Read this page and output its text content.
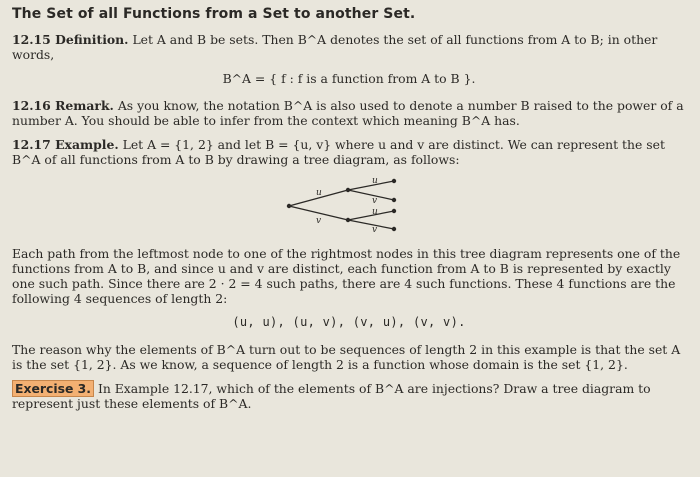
The Set of all Functions from a Set to another Set.

12.15 Definition. Let A and B be sets. Then B^A denotes the set of all functions from A to B; in other words,

B^A = { f : f is a function from A to B }.

12.16 Remark. As you know, the notation B^A is also used to denote a number B raised to the power of a number A. You should be able to infer from the context which meaning B^A has.

12.17 Example. Let A = {1, 2} and let B = {u, v} where u and v are distinct. We can represent the set B^A of all functions from A to B by drawing a tree diagram, as follows:

u
v
u
v
u
v

Each path from the leftmost node to one of the rightmost nodes in this tree diagram represents one of the functions from A to B, and since u and v are distinct, each function from A to B is represented by exactly one such path. Since there are 2 · 2 = 4 such paths, there are 4 such functions. These 4 functions are the following 4 sequences of length 2:

(u, u), (u, v), (v, u), (v, v).

The reason why the elements of B^A turn out to be sequences of length 2 in this example is that the set A is the set {1, 2}. As we know, a sequence of length 2 is a function whose domain is the set {1, 2}.

Exercise 3. In Example 12.17, which of the elements of B^A are injections? Draw a tree diagram to represent just these elements of B^A.
